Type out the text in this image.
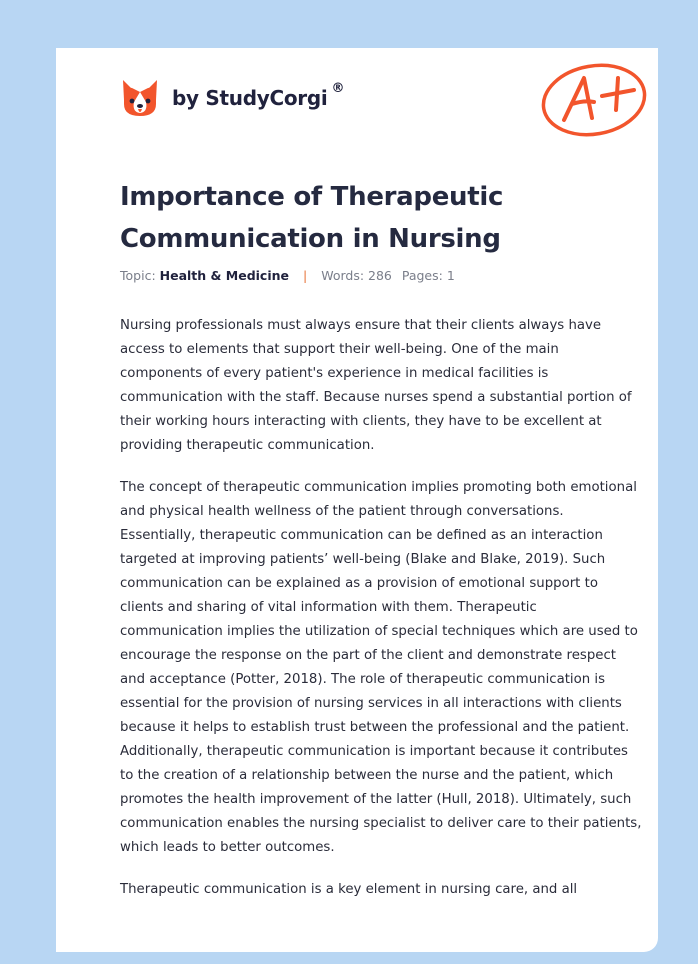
by StudyCorgi ®
Importance of Therapeutic Communication in Nursing
Topic: Health & Medicine | Words: 286 Pages: 1

Nursing professionals must always ensure that their clients always have access to elements that support their well-being. One of the main components of every patient's experience in medical facilities is communication with the staff. Because nurses spend a substantial portion of their working hours interacting with clients, they have to be excellent at providing therapeutic communication.

The concept of therapeutic communication implies promoting both emotional and physical health wellness of the patient through conversations. Essentially, therapeutic communication can be defined as an interaction targeted at improving patients’ well-being (Blake and Blake, 2019). Such communication can be explained as a provision of emotional support to clients and sharing of vital information with them. Therapeutic communication implies the utilization of special techniques which are used to encourage the response on the part of the client and demonstrate respect and acceptance (Potter, 2018). The role of therapeutic communication is essential for the provision of nursing services in all interactions with clients because it helps to establish trust between the professional and the patient. Additionally, therapeutic communication is important because it contributes to the creation of a relationship between the nurse and the patient, which promotes the health improvement of the latter (Hull, 2018). Ultimately, such communication enables the nursing specialist to deliver care to their patients, which leads to better outcomes.

Therapeutic communication is a key element in nursing care, and all
